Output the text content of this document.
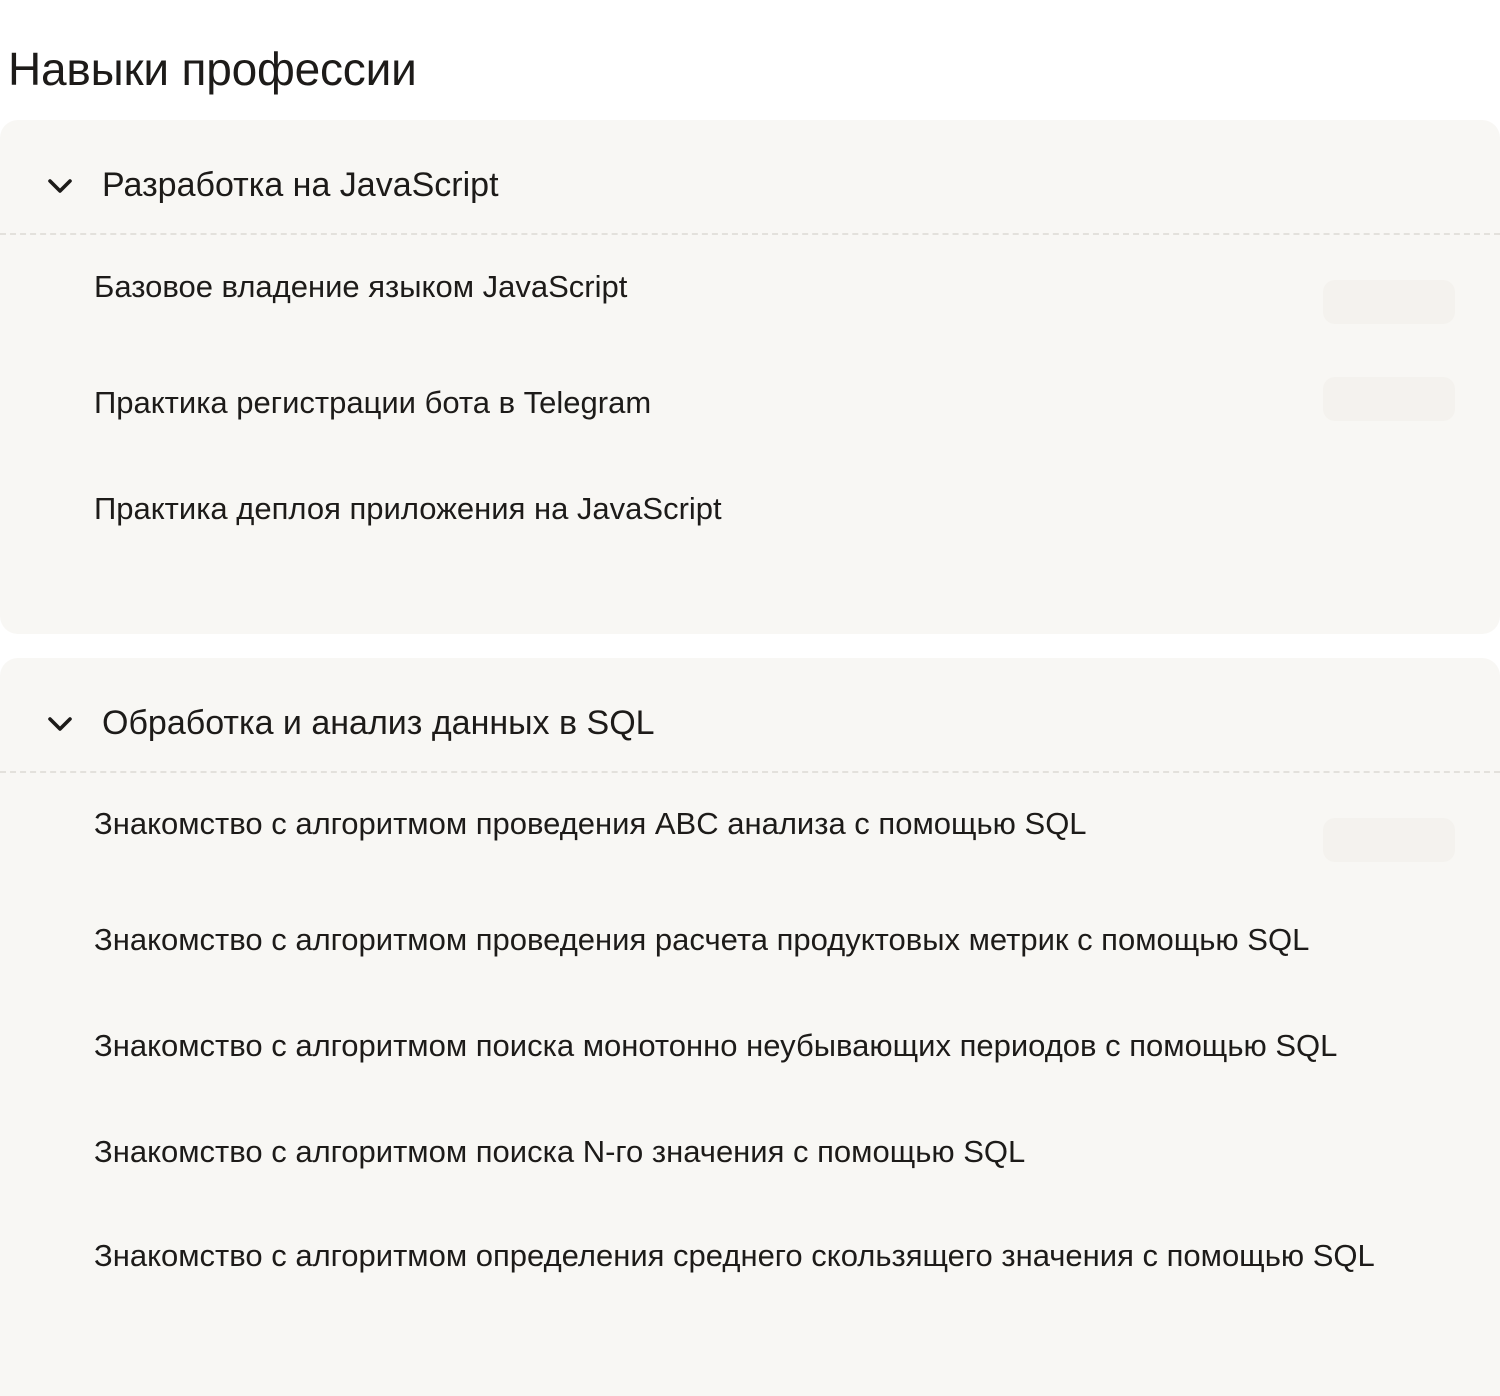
Навыки профессии
Разработка на JavaScript
Базовое владение языком JavaScript
Практика регистрации бота в Telegram
Практика деплоя приложения на JavaScript
Обработка и анализ данных в SQL
Знакомство с алгоритмом проведения ABC анализа с помощью SQL
Знакомство с алгоритмом проведения расчета продуктовых метрик с помощью SQL
Знакомство с алгоритмом поиска монотонно неубывающих периодов с помощью SQL
Знакомство с алгоритмом поиска N-го значения с помощью SQL
Знакомство с алгоритмом определения среднего скользящего значения с помощью SQL
